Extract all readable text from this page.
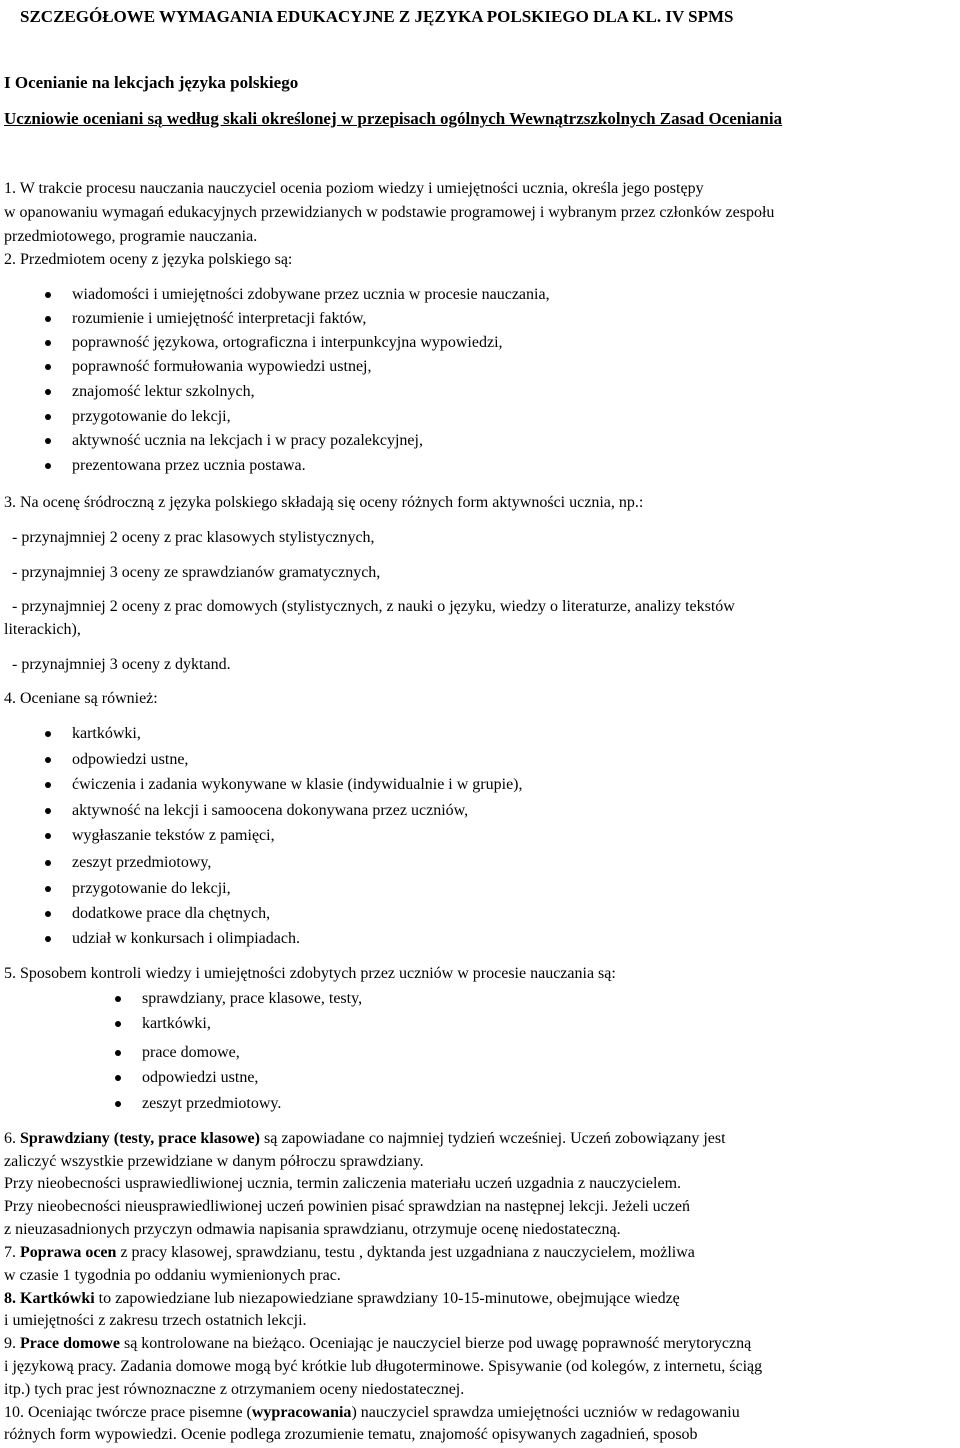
SZCZEGÓŁOWE WYMAGANIA EDUKACYJNE Z JĘZYKA POLSKIEGO DLA KL. IV SPMS
I Ocenianie na lekcjach języka polskiego
Uczniowie oceniani są według skali określonej w przepisach ogólnych Wewnątrzszkolnych Zasad Oceniania
1. W trakcie procesu nauczania nauczyciel ocenia poziom wiedzy i umiejętności ucznia, określa jego postępy
w opanowaniu wymagań edukacyjnych przewidzianych w podstawie programowej i wybranym przez członków zespołu
przedmiotowego, programie nauczania.
2. Przedmiotem oceny z języka polskiego są:
wiadomości i umiejętności zdobywane przez ucznia w procesie nauczania,
rozumienie i umiejętność interpretacji faktów,
poprawność językowa, ortograficzna i interpunkcyjna wypowiedzi,
poprawność formułowania wypowiedzi ustnej,
znajomość lektur szkolnych,
przygotowanie do lekcji,
aktywność ucznia na lekcjach i w pracy pozalekcyjnej,
prezentowana przez ucznia postawa.
3. Na ocenę śródroczną z języka polskiego składają się oceny różnych form aktywności ucznia, np.:
- przynajmniej 2 oceny z prac klasowych stylistycznych,
- przynajmniej 3 oceny ze sprawdzianów gramatycznych,
- przynajmniej 2 oceny z prac domowych (stylistycznych, z nauki o języku, wiedzy o literaturze, analizy tekstów
literackich),
- przynajmniej 3 oceny z dyktand.
4. Oceniane są również:
kartkówki,
odpowiedzi ustne,
ćwiczenia i zadania wykonywane w klasie (indywidualnie i w grupie),
aktywność na lekcji i samoocena dokonywana przez uczniów,
wygłaszanie tekstów z pamięci,
zeszyt przedmiotowy,
przygotowanie do lekcji,
dodatkowe prace dla chętnych,
udział w konkursach i olimpiadach.
5. Sposobem kontroli wiedzy i umiejętności zdobytych przez uczniów w procesie nauczania są:
sprawdziany, prace klasowe, testy,
kartkówki,
prace domowe,
odpowiedzi ustne,
zeszyt przedmiotowy.
6. Sprawdziany (testy, prace klasowe) są zapowiadane co najmniej tydzień wcześniej. Uczeń zobowiązany jest
zaliczyć wszystkie przewidziane w danym półroczu sprawdziany.
Przy nieobecności usprawiedliwionej ucznia, termin zaliczenia materiału uczeń uzgadnia z nauczycielem.
Przy nieobecności nieusprawiedliwionej uczeń powinien pisać sprawdzian na następnej lekcji. Jeżeli uczeń
z nieuzasadnionych przyczyn odmawia napisania sprawdzianu, otrzymuje ocenę niedostateczną.
7. Poprawa ocen z pracy klasowej, sprawdzianu, testu , dyktanda jest uzgadniana z nauczycielem, możliwa
w czasie 1 tygodnia po oddaniu wymienionych prac.
8. Kartkówki to zapowiedziane lub niezapowiedziane sprawdziany 10-15-minutowe, obejmujące wiedzę
i umiejętności z zakresu trzech ostatnich lekcji.
9. Prace domowe są kontrolowane na bieżąco. Oceniając je nauczyciel bierze pod uwagę poprawność merytoryczną
i językową pracy. Zadania domowe mogą być krótkie lub długoterminowe. Spisywanie (od kolegów, z internetu, ściąg
itp.) tych prac jest równoznaczne z otrzymaniem oceny niedostatecznej.
10. Oceniając twórcze prace pisemne (wypracowania) nauczyciel sprawdza umiejętności uczniów w redagowaniu
różnych form wypowiedzi. Ocenie podlega zrozumienie tematu, znajomość opisywanych zagadnień, sposob
